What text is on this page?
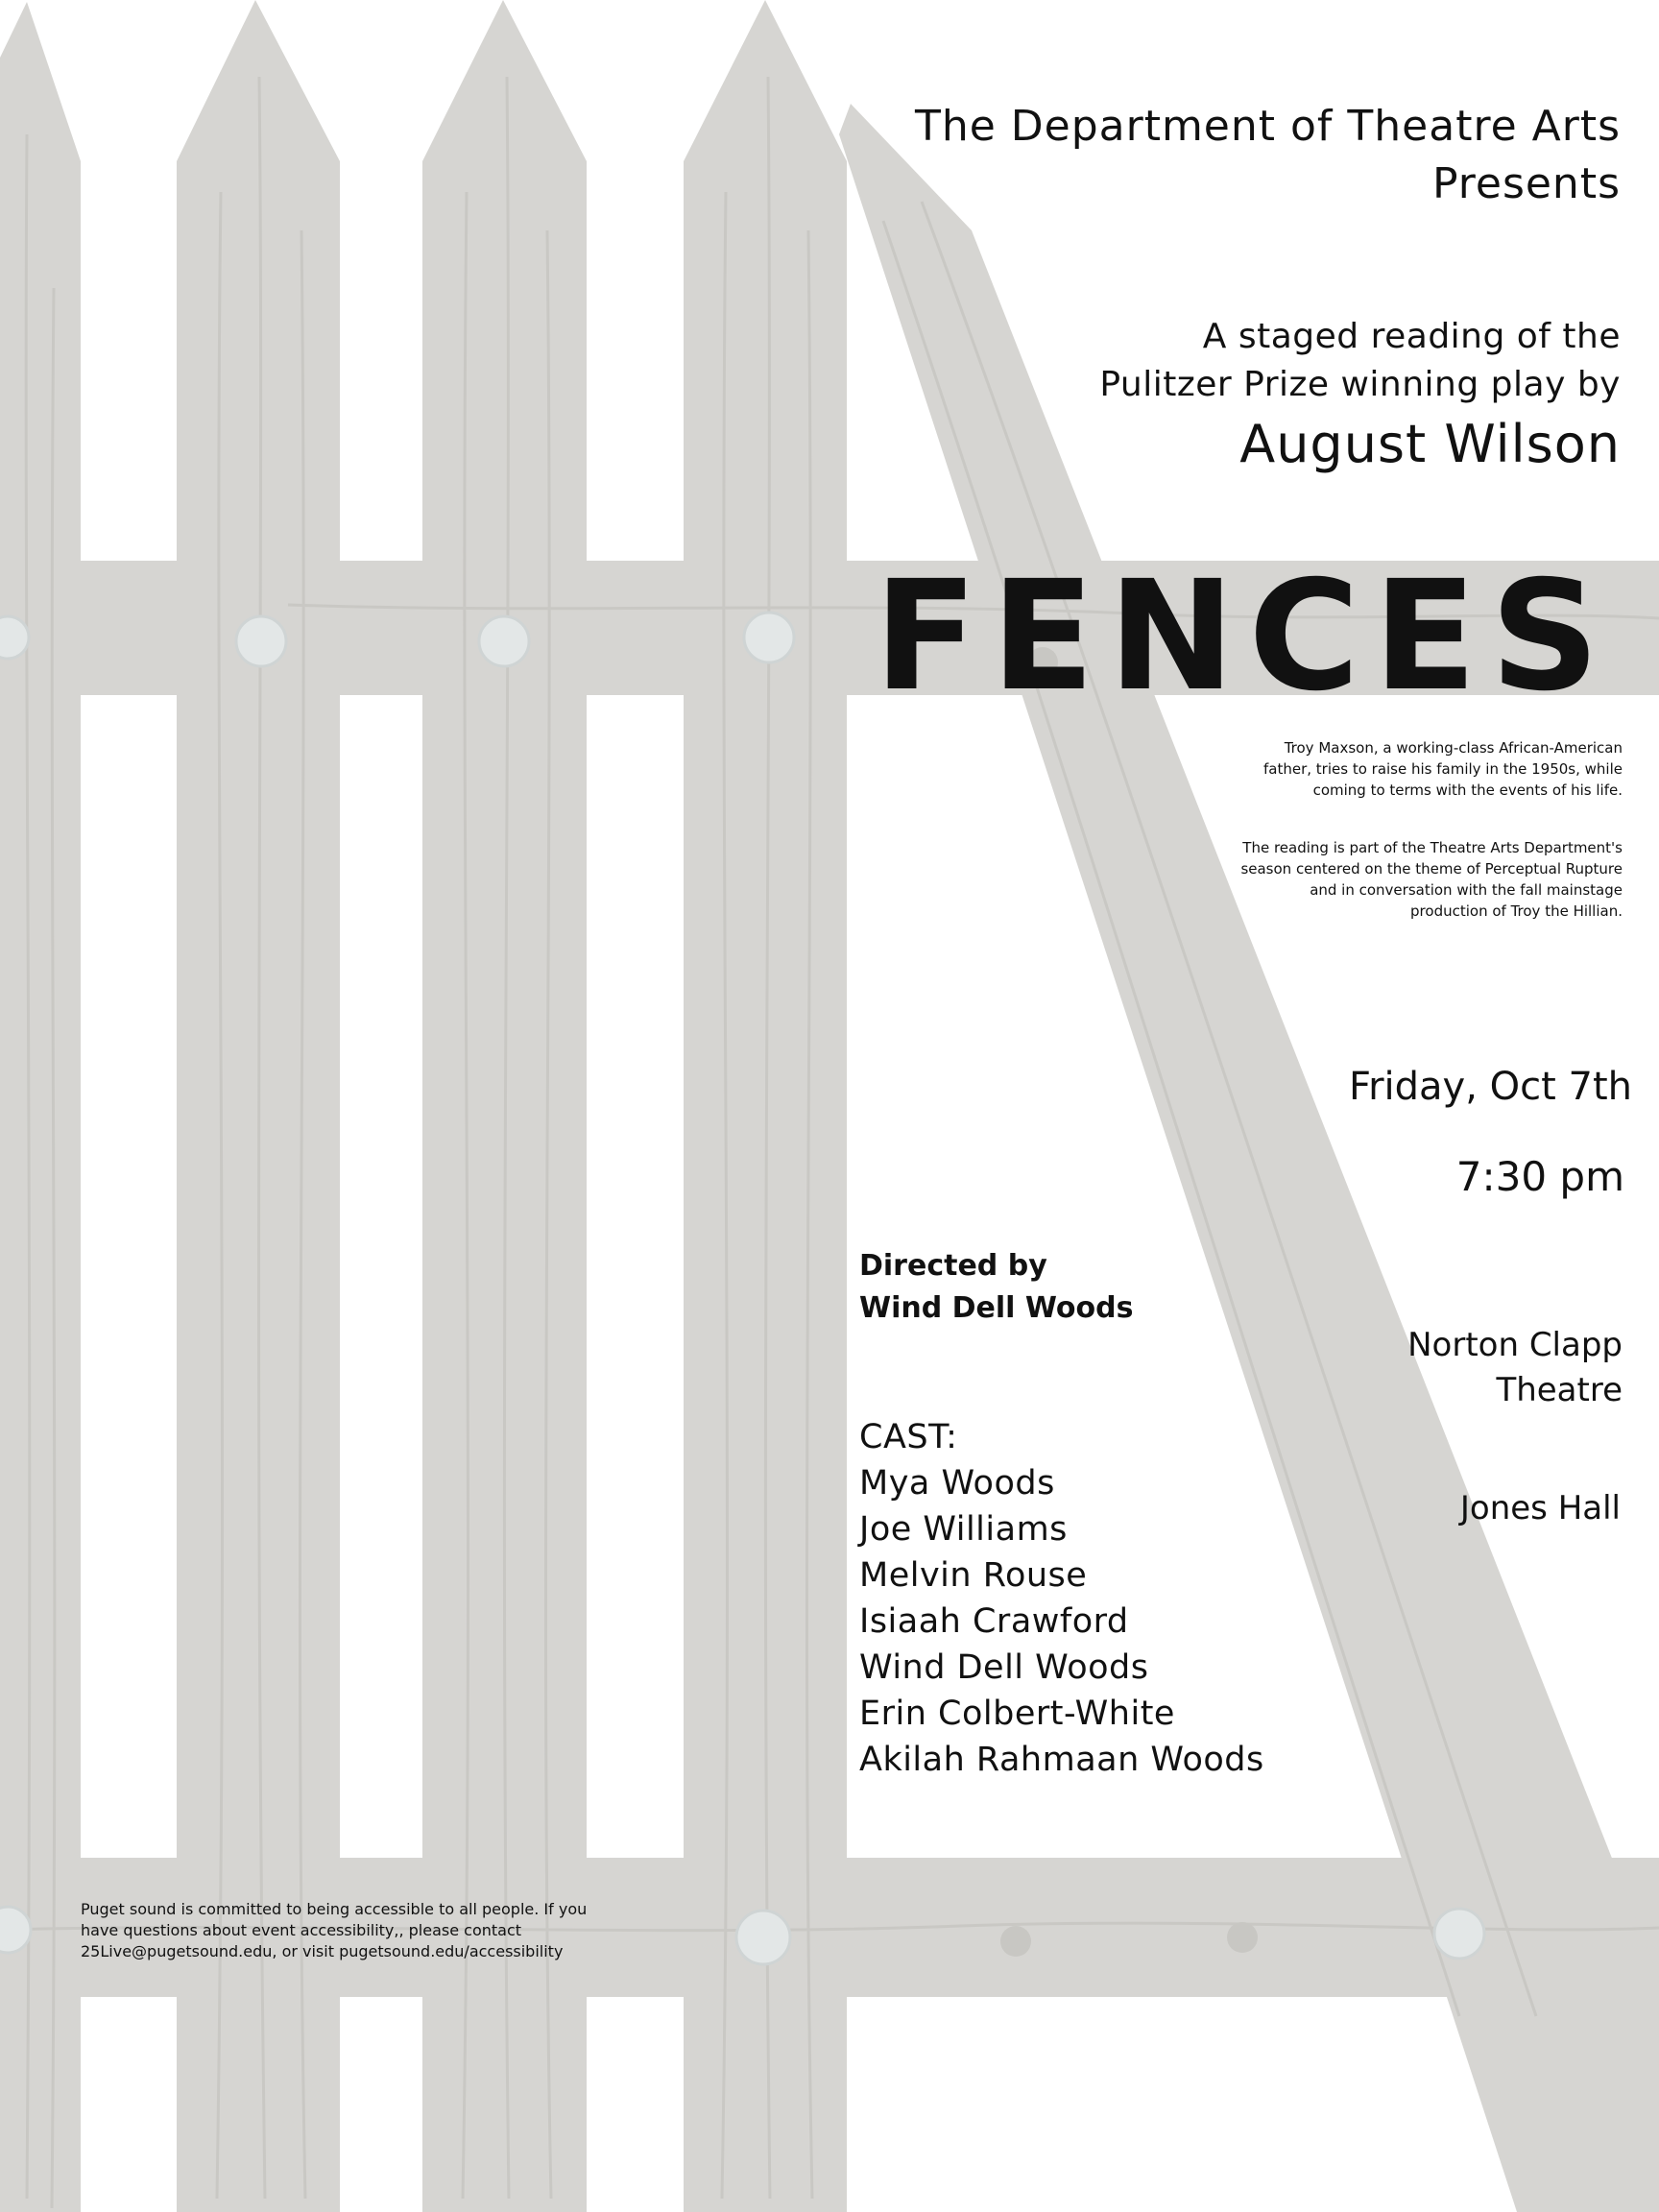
The Department of Theatre Arts
Presents
A staged reading of the
Pulitzer Prize winning play by
August Wilson
FENCES

Troy Maxson, a working-class African-American father, tries to raise his family in the 1950s, while coming to terms with the events of his life.

The reading is part of the Theatre Arts Department's season centered on the theme of Perceptual Rupture and in conversation with the fall mainstage production of Troy the Hillian.

Friday, Oct 7th
7:30 pm
Directed by
Wind Dell Woods
Norton Clapp
Theatre
Jones Hall
CAST:
Mya Woods
Joe Williams
Melvin Rouse
Isiaah Crawford
Wind Dell Woods
Erin Colbert-White
Akilah Rahmaan Woods

Puget sound is committed to being accessible to all people. If you have questions about event accessibility,, please contact 25Live@pugetsound.edu, or visit pugetsound.edu/accessibility
